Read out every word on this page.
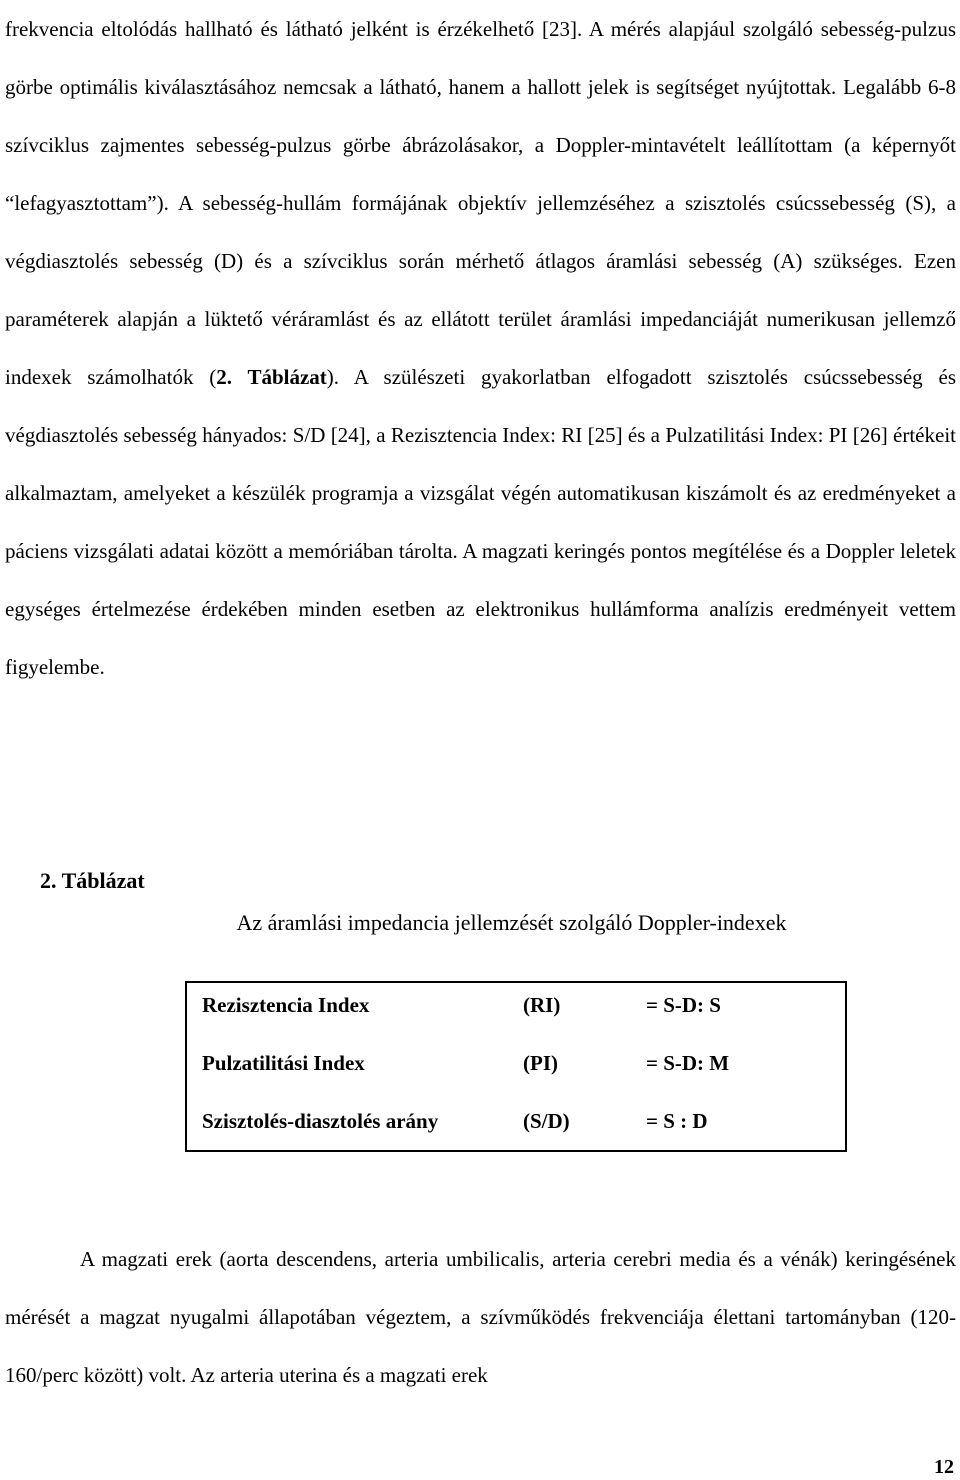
frekvencia eltolódás hallható és látható jelként is érzékelhető [23]. A mérés alapjául szolgáló sebesség-pulzus görbe optimális kiválasztásához nemcsak a látható, hanem a hallott jelek is segítséget nyújtottak. Legalább 6-8 szívciklus zajmentes sebesség-pulzus görbe ábrázolásakor, a Doppler-mintavételt leállítottam (a képernyőt “lefagyasztottam”). A sebesség-hullám formájának objektív jellemzéséhez a szisztolés csúcssebesség (S), a végdiasztolés sebesség (D) és a szívciklus során mérhető átlagos áramlási sebesség (A) szükséges. Ezen paraméterek alapján a lüktető véráramlást és az ellátott terület áramlási impedanciáját numerikusan jellemző indexek számolhatók (2. Táblázat). A szülészeti gyakorlatban elfogadott szisztolés csúcssebesség és végdiasztolés sebesség hányados: S/D [24], a Rezisztencia Index: RI [25] és a Pulzatilitási Index: PI [26] értékeit alkalmaztam, amelyeket a készülék programja a vizsgálat végén automatikusan kiszámolt és az eredményeket a páciens vizsgálati adatai között a memóriában tárolta. A magzati keringés pontos megítélése és a Doppler leletek egységes értelmezése érdekében minden esetben az elektronikus hullámforma analízis eredményeit vettem figyelembe.

2. Táblázat
Az áramlási impedancia jellemzését szolgáló Doppler-indexek
Rezisztencia Index	(RI)	= S-D: S
Pulzatilitási Index	(PI)	= S-D: M
Szisztolés-diasztolés arány	(S/D)	= S : D

A magzati erek (aorta descendens, arteria umbilicalis, arteria cerebri media és a vénák) keringésének mérését a magzat nyugalmi állapotában végeztem, a szívműködés frekvenciája élettani tartományban (120-160/perc között) volt. Az arteria uterina és a magzati erek

12
